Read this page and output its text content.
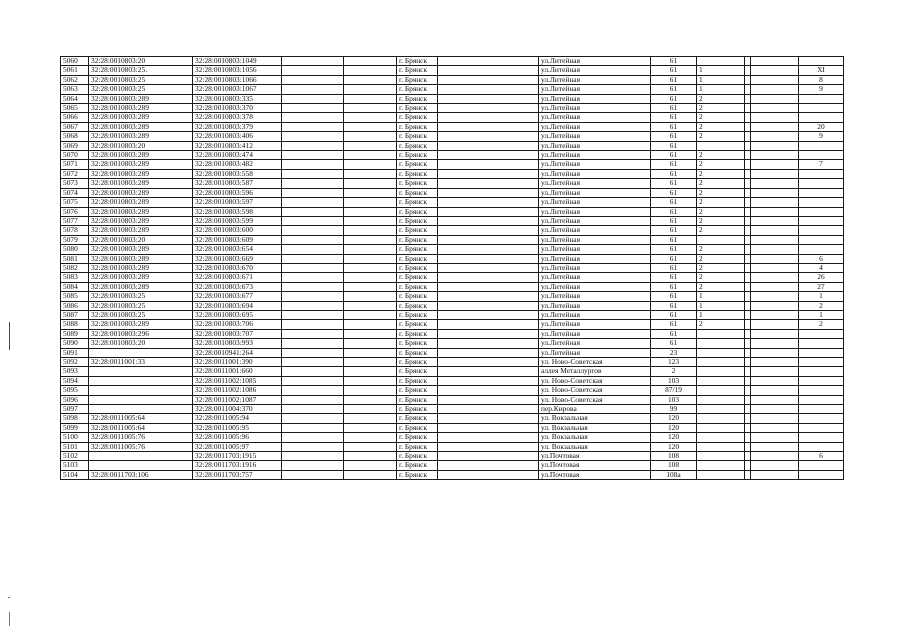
5060	32:28:0010803:20	32:28:0010803:1049			г. Брянск		ул.Литейная	61				
5061	32:28:0010803:25.	32:28:0010803:1056			г. Брянск		ул.Литейная	61	1			XI
5062	32:28:0010803:25	32:28:0010803:1066			г. Брянск		ул.Литейная	61	1			8
5063	32:28:0010803:25	32:28:0010803:1067			г. Брянск		ул.Литейная	61	1			9
5064	32:28:0010803:289	32:28:0010803:335			г. Брянск		ул.Литейная	61	2			
5065	32:28:0010803:289	32:28:0010803:370			г. Брянск		ул.Литейная	61	2			
5066	32:28:0010803:289	32:28:0010803:378			г. Брянск		ул.Литейная	61	2			
5067	32:28:0010803:289	32:28:0010803:379			г. Брянск		ул.Литейная	61	2			20
5068	32:28:0010803:289	32:28:0010803:406			г. Брянск		ул.Литейная	61	2			9
5069	32:28:0010803:20	32:28:0010803:412			г. Брянск		ул.Литейная	61				
5070	32:28:0010803:289	32:28:0010803:474			г. Брянск		ул.Литейная	61	2			
5071	32:28:0010803:289	32:28:0010803:482			г. Брянск		ул.Литейная	61	2			7
5072	32:28:0010803:289	32:28:0010803:558			г. Брянск		ул.Литейная	61	2			
5073	32:28:0010803:289	32:28:0010803:587			г. Брянск		ул.Литейная	61	2			
5074	32:28:0010803:289	32:28:0010803:596			г. Брянск		ул.Литейная	61	2			
5075	32:28:0010803:289	32:28:0010803:597			г. Брянск		ул.Литейная	61	2			
5076	32:28:0010803:289	32:28:0010803:598			г. Брянск		ул.Литейная	61	2			
5077	32:28:0010803:289	32:28:0010803:599			г. Брянск		ул.Литейная	61	2			
5078	32:28:0010803:289	32:28:0010803:600			г. Брянск		ул.Литейная	61	2			
5079	32:28:0010803:20	32:28:0010803:609			г. Брянск		ул.Литейная	61				
5080	32:28:0010803:289	32:28:0010803:654			г. Брянск		ул.Литейная	61	2			
5081	32:28:0010803:289	32:28:0010803:669			г. Брянск		ул.Литейная	61	2			6
5082	32:28:0010803:289	32:28:0010803:670			г. Брянск		ул.Литейная	61	2			4
5083	32:28:0010803:289	32:28:0010803:671			г. Брянск		ул.Литейная	61	2			26
5084	32:28:0010803:289	32:28:0010803:673			г. Брянск		ул.Литейная	61	2			27
5085	32:28:0010803:25	32:28:0010803:677			г. Брянск		ул.Литейная	61	1			1
5086	32:28:0010803:25	32:28:0010803:694			г. Брянск		ул.Литейная	61	1			2
5087	32:28:0010803:25	32:28:0010803:695			г. Брянск		ул.Литейная	61	1			1
5088	32:28:0010803:289	32:28:0010803:706			г. Брянск		ул.Литейная	61	2			2
5089	32:28:0010803:296	32:28:0010803:707			г. Брянск		ул.Литейная	61				
5090	32:28:0010803:20	32:28:0010803:993			г. Брянск		ул.Литейная	61				
5091		32:28:0010941:264			г. Брянск		ул.Литейная	23				
5092	32:28:0011001:33	32:28:0011001:390			г. Брянск		ул. Ново-Советская	123				
5093		32:28:0011001:660			г. Брянск		аллея Металлургов	2				
5094		32:28:0011002:1085			г. Брянск		ул. Ново-Советская	103				
5095		32:28:0011002:1086			г. Брянск		ул. Ново-Советская	87/19				
5096		32:28:0011002:1087			г. Брянск		ул. Ново-Советская	103				
5097		32:28:0011004:370			г. Брянск		пер.Кирова	99				
5098	32:28:0011005:64	32:28:0011005:94			г. Брянск		ул. Вокзальная	120				
5099	32:28:0011005:64	32:28:0011005:95			г. Брянск		ул. Вокзальная	120				
5100	32:28:0011005:76	32:28:0011005:96			г. Брянск		ул. Вокзальная	120				
5101	32:28:0011005:76	32:28:0011005:97			г. Брянск		ул. Вокзальная	120				
5102		32:28:0011703:1915			г. Брянск		ул.Почтовая	108				6
5103		32:28:0011703:1916			г. Брянск		ул.Почтовая	108				
5104	32:28:0011703:106	32:28:0011703:757			г. Брянск		ул.Почтовая	108а				
